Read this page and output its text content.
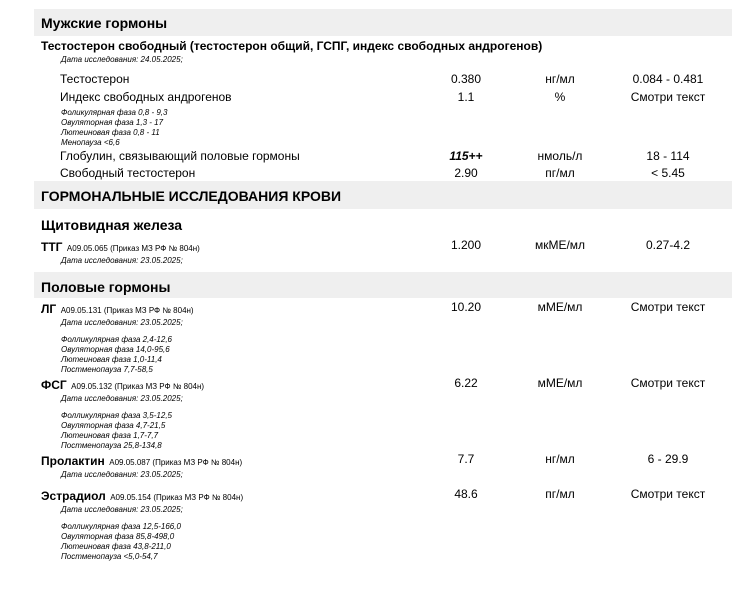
Мужские гормоны
Тестостерон свободный (тестостерон общий, ГСПГ, индекс свободных андрогенов)
Дата исследования: 24.05.2025;
Тестостерон	0.380	нг/мл	0.084 - 0.481
Индекс свободных андрогенов	1.1	%	Смотри текст
Фоликулярная фаза 0,8 - 9,3
Овуляторная фаза 1,3 - 17
Лютеиновая фаза 0,8 - 11
Менопауза <6,6
Глобулин, связывающий половые гормоны	115++	нмоль/л	18 - 114
Свободный тестостерон	2.90	пг/мл	< 5.45
ГОРМОНАЛЬНЫЕ ИССЛЕДОВАНИЯ КРОВИ
Щитовидная железа
ТТГ A09.05.065 (Приказ МЗ РФ № 804н)	1.200	мкМЕ/мл	0.27-4.2
Дата исследования: 23.05.2025;
Половые гормоны
ЛГ A09.05.131 (Приказ МЗ РФ № 804н)	10.20	мМЕ/мл	Смотри текст
Дата исследования: 23.05.2025;
Фолликулярная фаза 2,4-12,6
Овуляторная фаза 14,0-95,6
Лютеиновая фаза 1,0-11,4
Постменопауза 7,7-58,5
ФСГ A09.05.132 (Приказ МЗ РФ № 804н)	6.22	мМЕ/мл	Смотри текст
Дата исследования: 23.05.2025;
Фолликулярная фаза 3,5-12,5
Овуляторная фаза 4,7-21,5
Лютеиновая фаза 1,7-7,7
Постменопауза 25,8-134,8
Пролактин A09.05.087 (Приказ МЗ РФ № 804н)	7.7	нг/мл	6 - 29.9
Дата исследования: 23.05.2025;
Эстрадиол A09.05.154 (Приказ МЗ РФ № 804н)	48.6	пг/мл	Смотри текст
Дата исследования: 23.05.2025;
Фолликулярная фаза 12,5-166,0
Овуляторная фаза 85,8-498,0
Лютеиновая фаза 43,8-211,0
Постменопауза <5,0-54,7
